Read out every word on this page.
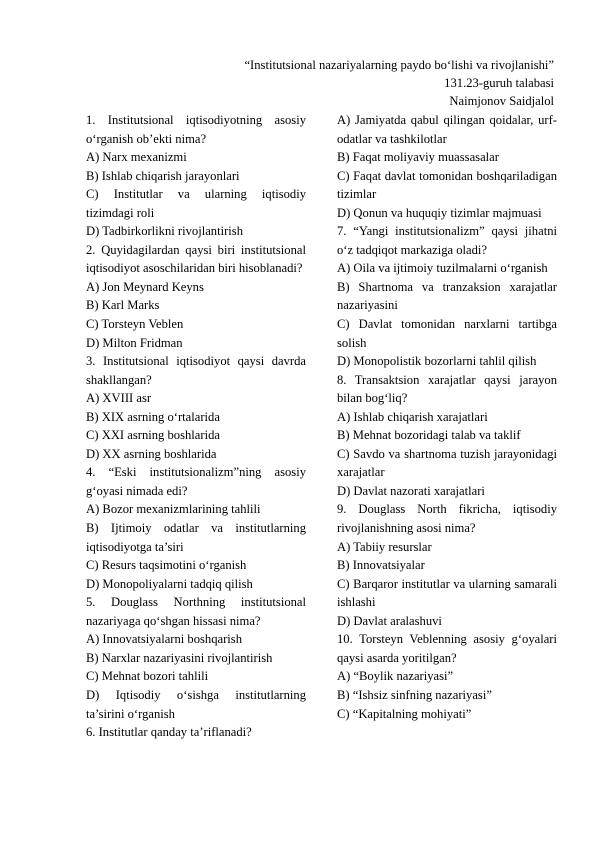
“Institutsional nazariyalarning paydo bo‘lishi va rivojlanishi”
131.23-guruh talabasi
Naimjonov Saidjalol
1. Institutsional iqtisodiyotning asosiy o‘rganish ob’ekti nima?
A) Narx mexanizmi
B) Ishlab chiqarish jarayonlari
C) Institutlar va ularning iqtisodiy tizimdagi roli
D) Tadbirkorlikni rivojlantirish
2. Quyidagilardan qaysi biri institutsional iqtisodiyot asoschilaridan biri hisoblanadi?
A) Jon Meynard Keyns
B) Karl Marks
C) Torsteyn Veblen
D) Milton Fridman
3. Institutsional iqtisodiyot qaysi davrda shakllangan?
A) XVIII asr
B) XIX asrning o‘rtalarida
C) XXI asrning boshlarida
D) XX asrning boshlarida
4. “Eski institutsionalizm”ning asosiy g‘oyasi nimada edi?
A) Bozor mexanizmlarining tahlili
B) Ijtimoiy odatlar va institutlarning iqtisodiyotga ta’siri
C) Resurs taqsimotini o‘rganish
D) Monopoliyalarni tadqiq qilish
5. Douglass Northning institutsional nazariyaga qo‘shgan hissasi nima?
A) Innovatsiyalarni boshqarish
B) Narxlar nazariyasini rivojlantirish
C) Mehnat bozori tahlili
D) Iqtisodiy o‘sishga institutlarning ta’sirini o‘rganish
6. Institutlar qanday ta’riflanadi?
A) Jamiyatda qabul qilingan qoidalar, urf-odatlar va tashkilotlar
B) Faqat moliyaviy muassasalar
C) Faqat davlat tomonidan boshqariladigan tizimlar
D) Qonun va huquqiy tizimlar majmuasi
7. “Yangi institutsionalizm” qaysi jihatni o‘z tadqiqot markaziga oladi?
A) Oila va ijtimoiy tuzilmalarni o‘rganish
B) Shartnoma va tranzaksion xarajatlar nazariyasini
C) Davlat tomonidan narxlarni tartibga solish
D) Monopolistik bozorlarni tahlil qilish
8. Transaktsion xarajatlar qaysi jarayon bilan bog‘liq?
A) Ishlab chiqarish xarajatlari
B) Mehnat bozoridagi talab va taklif
C) Savdo va shartnoma tuzish jarayonidagi xarajatlar
D) Davlat nazorati xarajatlari
9. Douglass North fikricha, iqtisodiy rivojlanishning asosi nima?
A) Tabiiy resurslar
B) Innovatsiyalar
C) Barqaror institutlar va ularning samarali ishlashi
D) Davlat aralashuvi
10. Torsteyn Veblenning asosiy g‘oyalari qaysi asarda yoritilgan?
A) “Boylik nazariyasi”
B) “Ishsiz sinfning nazariyasi”
C) “Kapitalning mohiyati”
